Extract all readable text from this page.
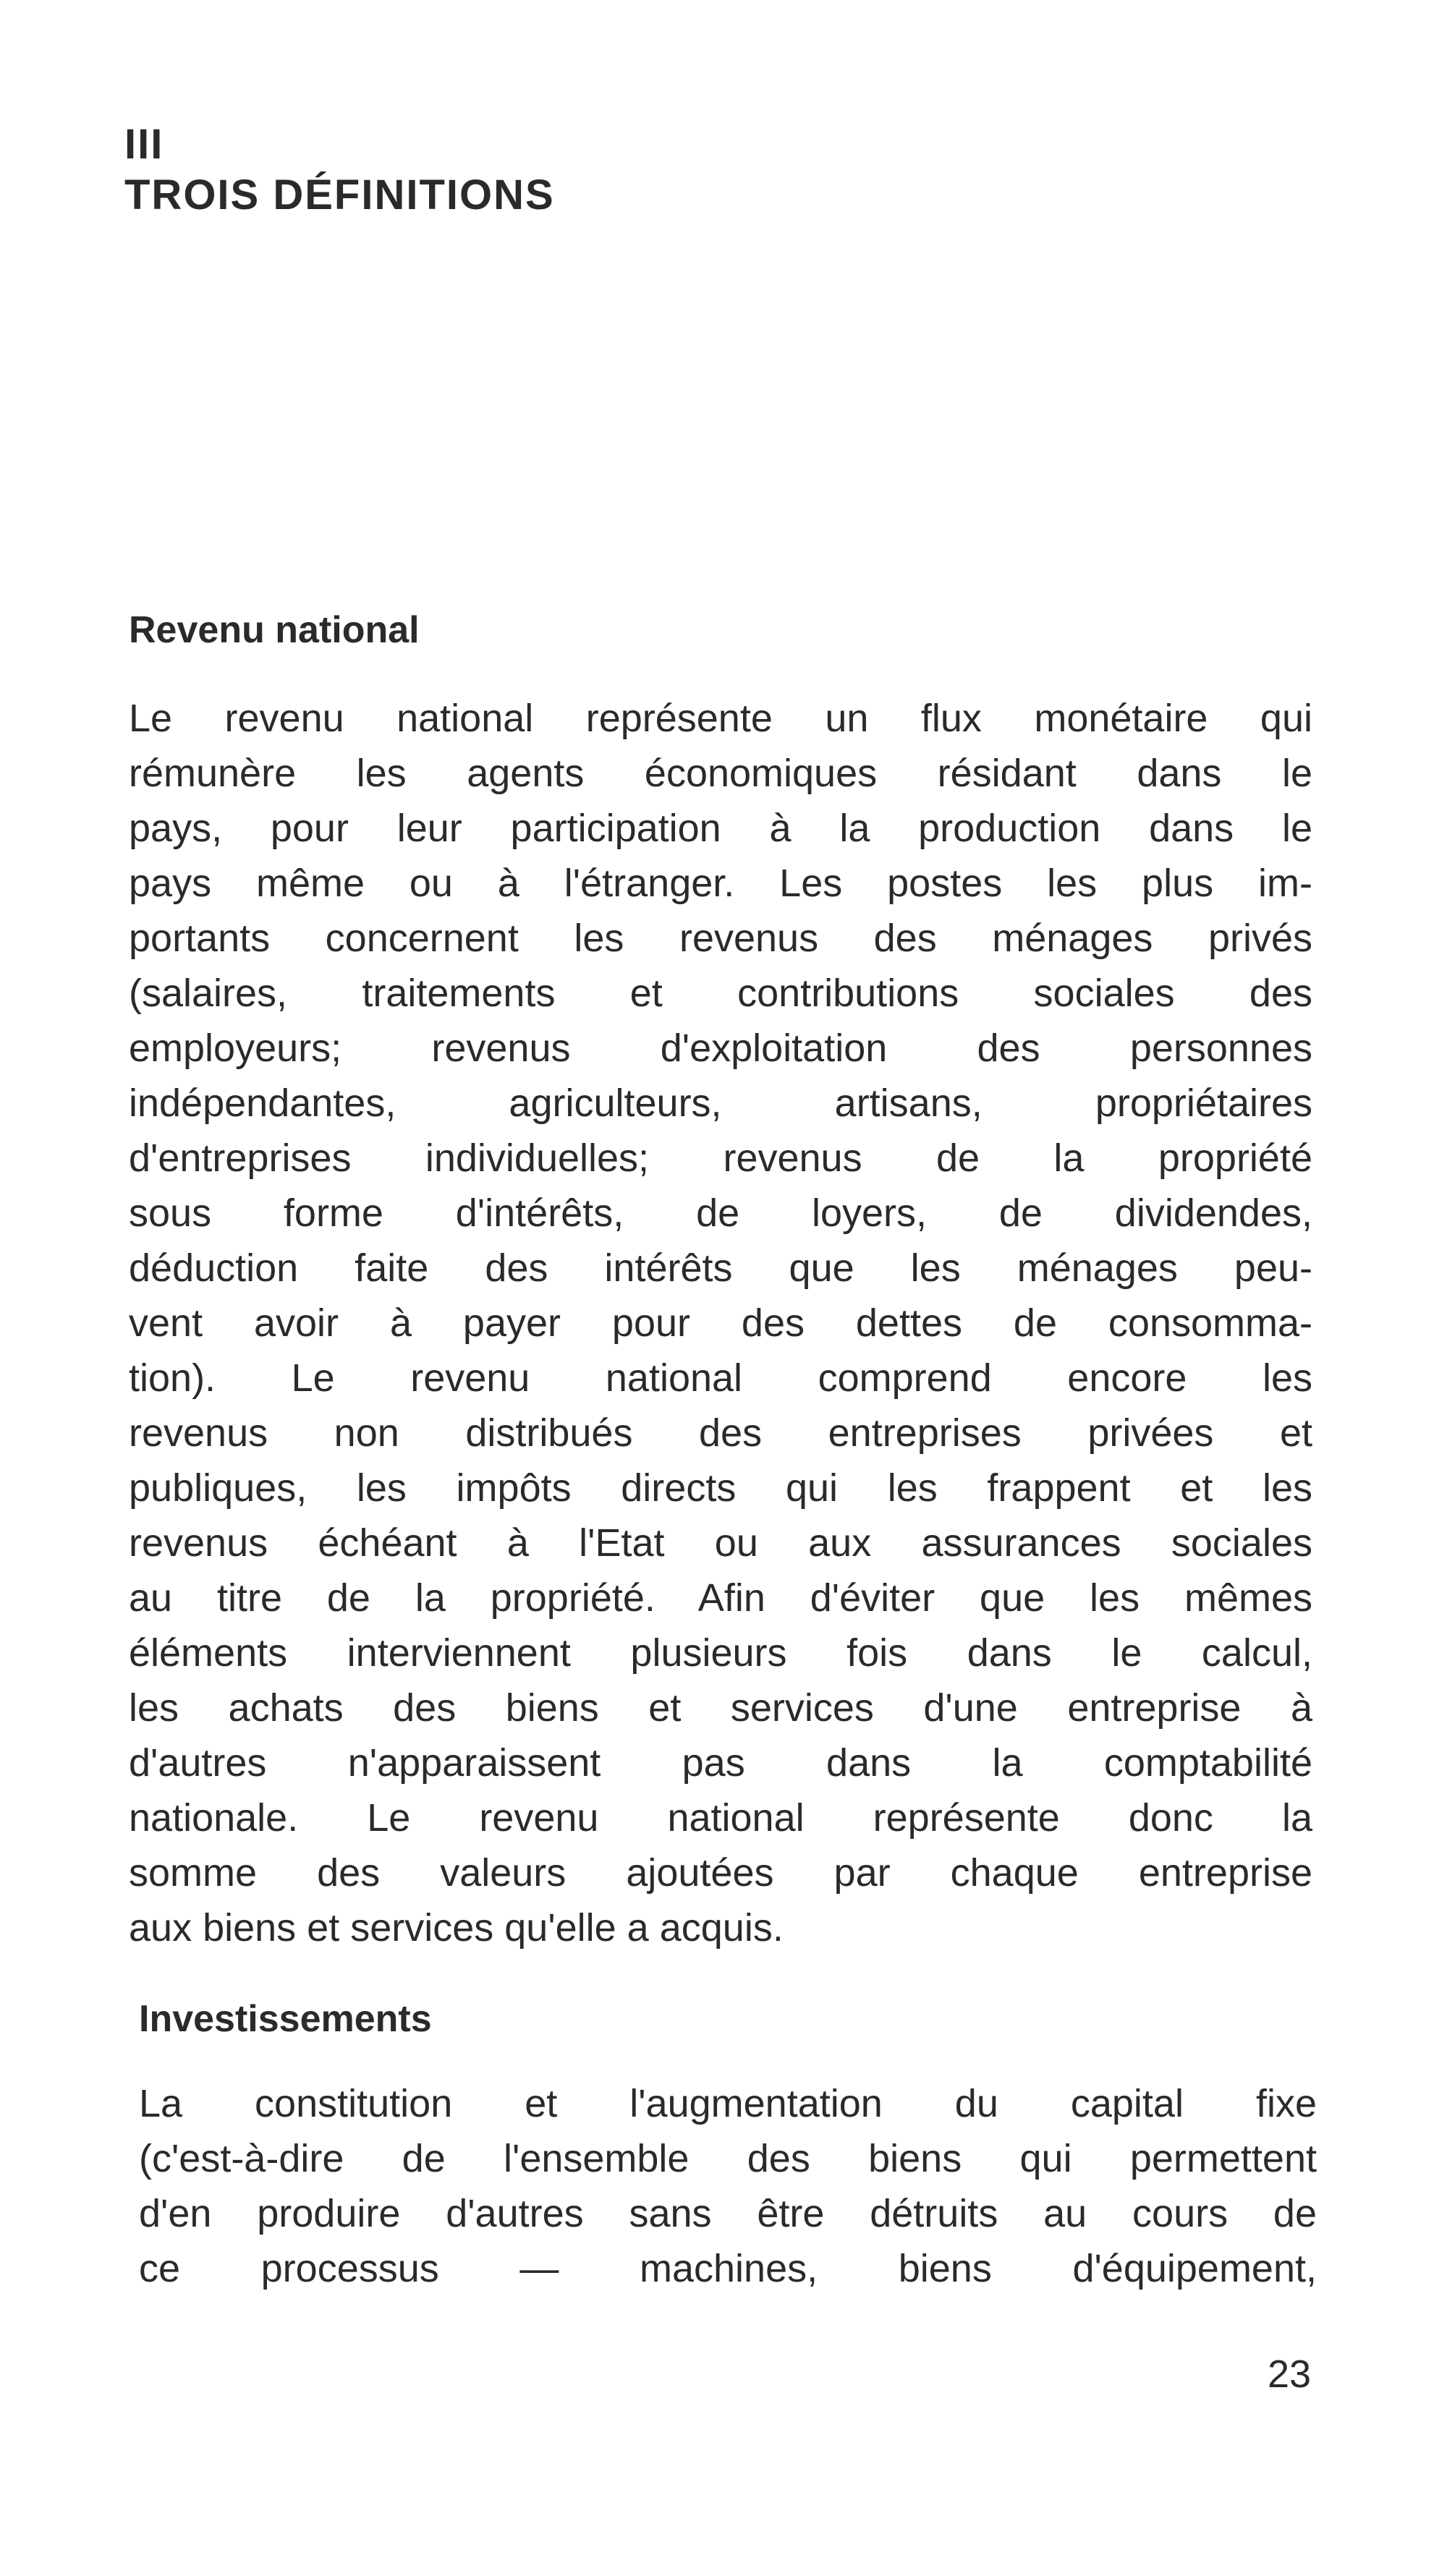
III
TROIS DÉFINITIONS
Revenu national
Le revenu national représente un flux monétaire qui
rémunère les agents économiques résidant dans le
pays, pour leur participation à la production dans le
pays même ou à l'étranger. Les postes les plus im-
portants concernent les revenus des ménages privés
(salaires, traitements et contributions sociales des
employeurs; revenus d'exploitation des personnes
indépendantes, agriculteurs, artisans, propriétaires
d'entreprises individuelles; revenus de la propriété
sous forme d'intérêts, de loyers, de dividendes,
déduction faite des intérêts que les ménages peu-
vent avoir à payer pour des dettes de consomma-
tion). Le revenu national comprend encore les
revenus non distribués des entreprises privées et
publiques, les impôts directs qui les frappent et les
revenus échéant à l'Etat ou aux assurances sociales
au titre de la propriété. Afin d'éviter que les mêmes
éléments interviennent plusieurs fois dans le calcul,
les achats des biens et services d'une entreprise à
d'autres n'apparaissent pas dans la comptabilité
nationale. Le revenu national représente donc la
somme des valeurs ajoutées par chaque entreprise
aux biens et services qu'elle a acquis.
Investissements
La constitution et l'augmentation du capital fixe
(c'est-à-dire de l'ensemble des biens qui permettent
d'en produire d'autres sans être détruits au cours de
ce processus — machines, biens d'équipement,
23
